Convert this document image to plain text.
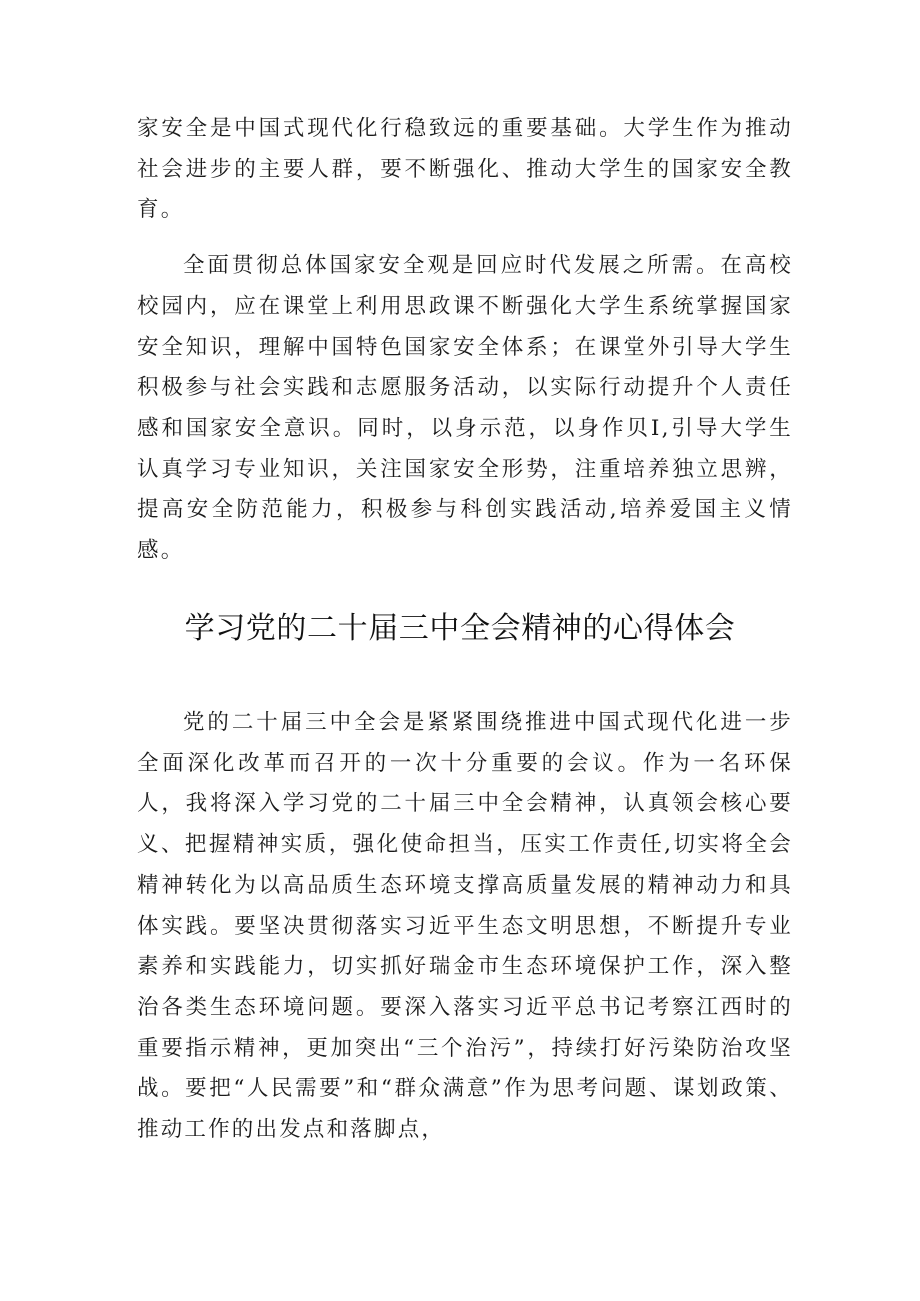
家安全是中国式现代化行稳致远的重要基础。大学生作为推动社会进步的主要人群，要不断强化、推动大学生的国家安全教育。

全面贯彻总体国家安全观是回应时代发展之所需。在高校校园内，应在课堂上利用思政课不断强化大学生系统掌握国家安全知识，理解中国特色国家安全体系；在课堂外引导大学生积极参与社会实践和志愿服务活动，以实际行动提升个人责任感和国家安全意识。同时，以身示范，以身作贝I,引导大学生认真学习专业知识，关注国家安全形势，注重培养独立思辨，提高安全防范能力，积极参与科创实践活动,培养爱国主义情感。

学习党的二十届三中全会精神的心得体会

党的二十届三中全会是紧紧围绕推进中国式现代化进一步全面深化改革而召开的一次十分重要的会议。作为一名环保人，我将深入学习党的二十届三中全会精神，认真领会核心要义、把握精神实质，强化使命担当，压实工作责任,切实将全会精神转化为以高品质生态环境支撑高质量发展的精神动力和具体实践。要坚决贯彻落实习近平生态文明思想，不断提升专业素养和实践能力，切实抓好瑞金市生态环境保护工作，深入整治各类生态环境问题。要深入落实习近平总书记考察江西时的重要指示精神，更加突出“三个治污”，持续打好污染防治攻坚战。要把“人民需要”和“群众满意”作为思考问题、谋划政策、推动工作的出发点和落脚点，
